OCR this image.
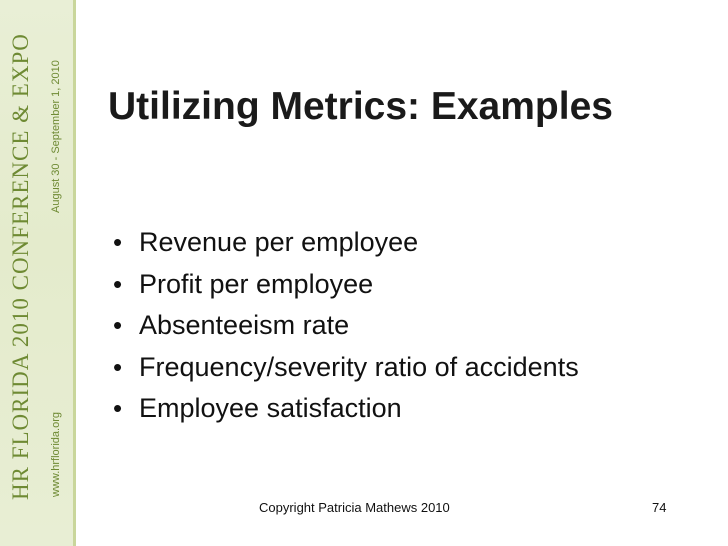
HR FLORIDA 2010 CONFERENCE & EXPO www.hrflorida.org
August 30 - September 1, 2010 Utilizing Metrics: Examples
• Revenue per employee
• Profit per employee
• Absenteeism rate
• Frequency/severity ratio of accidents
• Employee satisfaction
Copyright Patricia Mathews 2010	74
